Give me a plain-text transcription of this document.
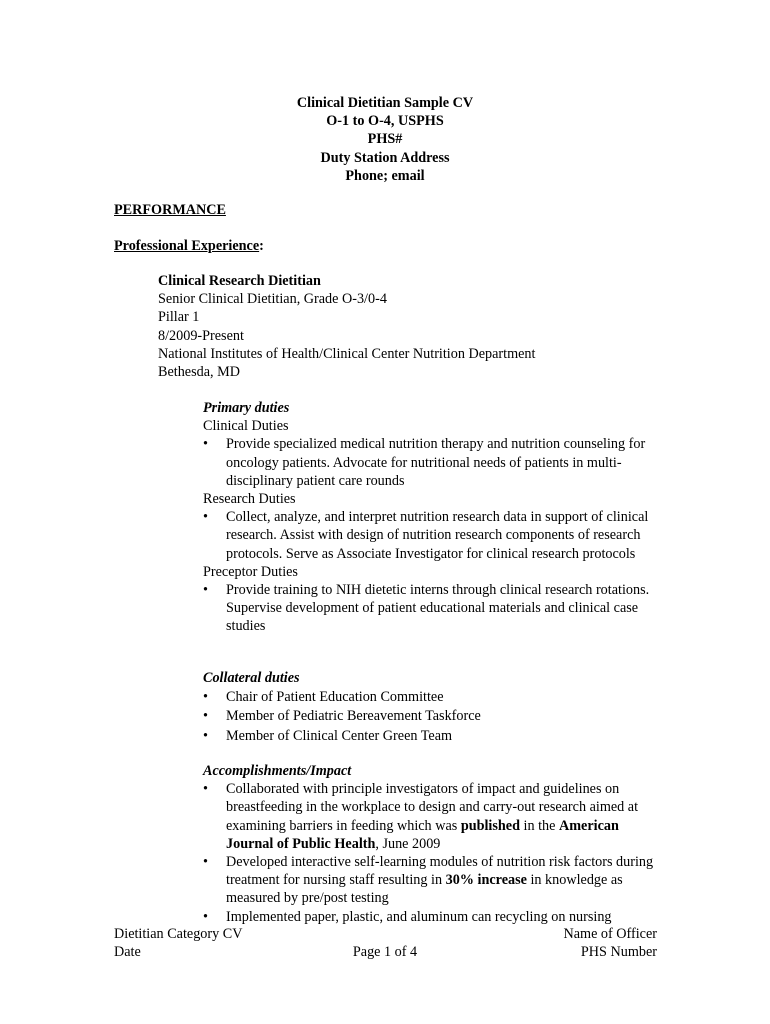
Clinical Dietitian Sample CV
O-1 to O-4, USPHS
PHS#
Duty Station Address
Phone; email
PERFORMANCE
Professional Experience:
Clinical Research Dietitian
Senior Clinical Dietitian, Grade O-3/0-4
Pillar 1
8/2009-Present
National Institutes of Health/Clinical Center Nutrition Department
Bethesda, MD
Primary duties
Clinical Duties
• Provide specialized medical nutrition therapy and nutrition counseling for oncology patients. Advocate for nutritional needs of patients in multi-disciplinary patient care rounds
Research Duties
• Collect, analyze, and interpret nutrition research data in support of clinical research. Assist with design of nutrition research components of research protocols. Serve as Associate Investigator for clinical research protocols
Preceptor Duties
• Provide training to NIH dietetic interns through clinical research rotations. Supervise development of patient educational materials and clinical case studies
Collateral duties
• Chair of Patient Education Committee
• Member of Pediatric Bereavement Taskforce
• Member of Clinical Center Green Team
Accomplishments/Impact
• Collaborated with principle investigators of impact and guidelines on breastfeeding in the workplace to design and carry-out research aimed at examining barriers in feeding which was published in the American Journal of Public Health, June 2009
• Developed interactive self-learning modules of nutrition risk factors during treatment for nursing staff resulting in 30% increase in knowledge as measured by pre/post testing
• Implemented paper, plastic, and aluminum can recycling on nursing
Dietitian Category CV
Date	Page 1 of 4
Name of Officer
PHS Number
